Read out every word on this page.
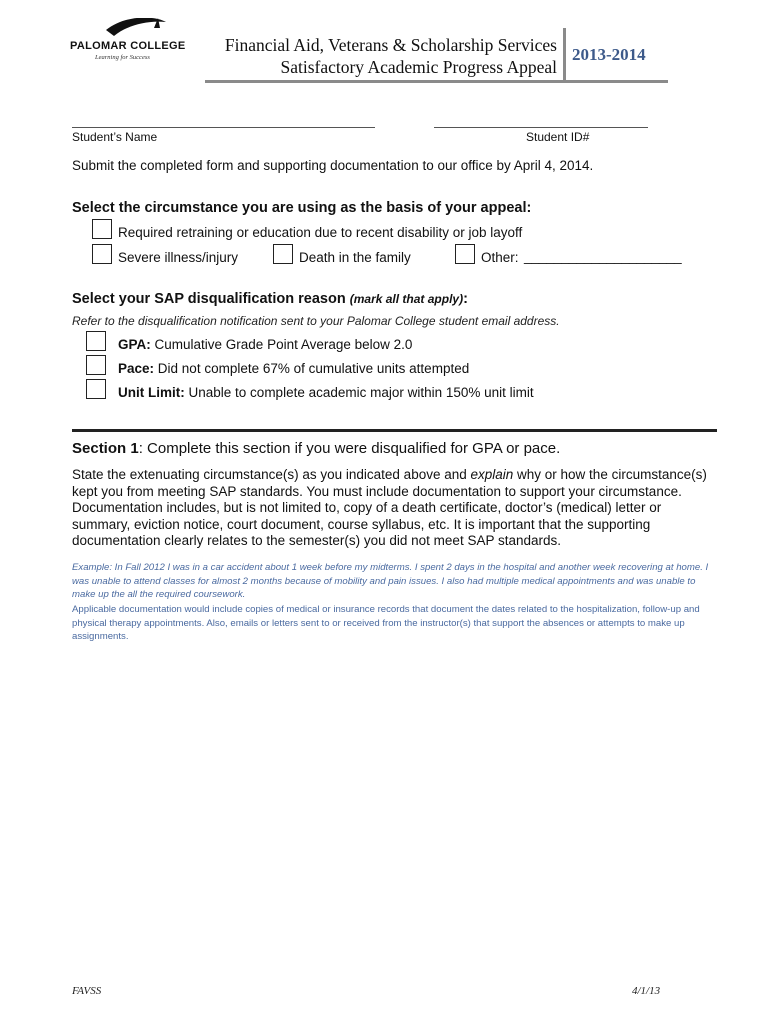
PALOMAR COLLEGE
Learning for Success
Financial Aid, Veterans & Scholarship Services
Satisfactory Academic Progress Appeal
2013-2014
Student’s Name	Student ID#
Submit the completed form and supporting documentation to our office by April 4, 2014.
Select the circumstance you are using as the basis of your appeal:
Required retraining or education due to recent disability or job layoff
Severe illness/injury	Death in the family	Other: _____________________
Select your SAP disqualification reason (mark all that apply):
Refer to the disqualification notification sent to your Palomar College student email address.
GPA: Cumulative Grade Point Average below 2.0
Pace: Did not complete 67% of cumulative units attempted
Unit Limit: Unable to complete academic major within 150% unit limit
Section 1: Complete this section if you were disqualified for GPA or pace.
State the extenuating circumstance(s) as you indicated above and explain why or how the circumstance(s) kept you from meeting SAP standards. You must include documentation to support your circumstance. Documentation includes, but is not limited to, copy of a death certificate, doctor’s (medical) letter or summary, eviction notice, court document, course syllabus, etc. It is important that the supporting documentation clearly relates to the semester(s) you did not meet SAP standards.
Example: In Fall 2012 I was in a car accident about 1 week before my midterms. I spent 2 days in the hospital and another week recovering at home. I was unable to attend classes for almost 2 months because of mobility and pain issues. I also had multiple medical appointments and was unable to make up the all the required coursework.
Applicable documentation would include copies of medical or insurance records that document the dates related to the hospitalization, follow-up and physical therapy appointments. Also, emails or letters sent to or received from the instructor(s) that support the absences or attempts to make up assignments.
FAVSS	4/1/13
